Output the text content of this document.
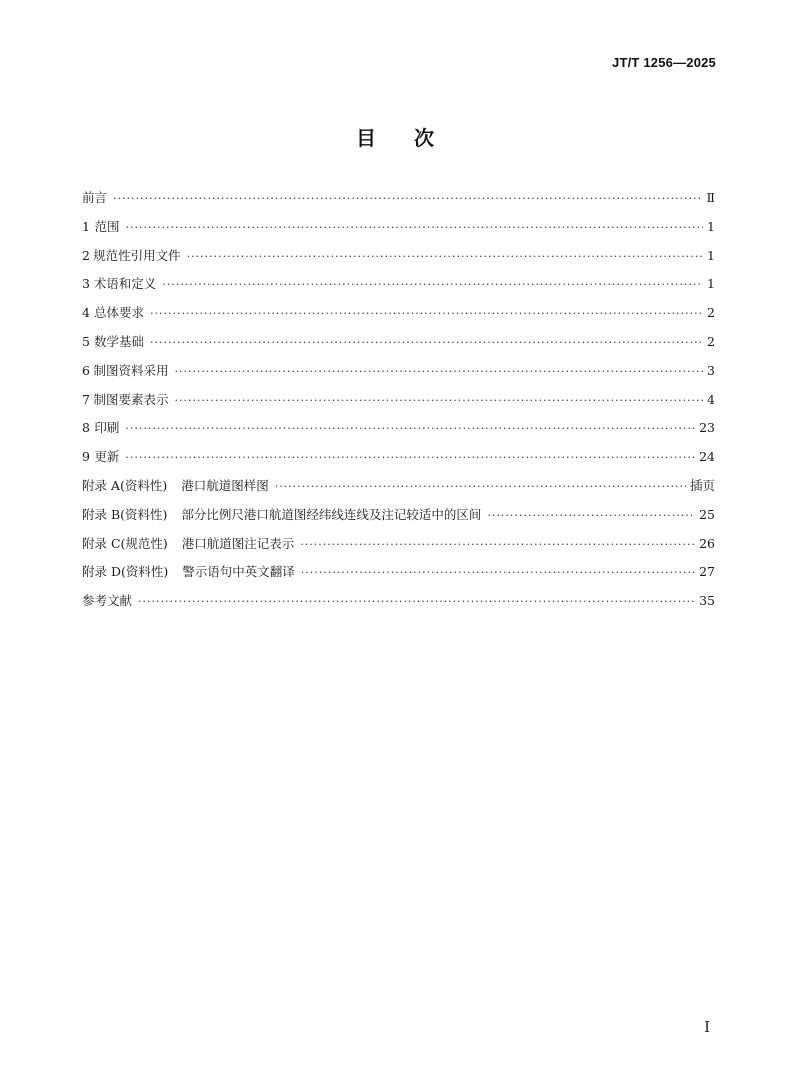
JT/T 1256—2025
目次
前言 ·····	Ⅱ
1 范围 ·····	1
2 规范性引用文件 ·····	1
3 术语和定义 ·····	1
4 总体要求 ·····	2
5 数学基础 ·····	2
6 制图资料采用 ·····	3
7 制图要素表示 ·····	4
8 印刷 ·····	23
9 更新 ·····	24
附录 A(资料性) 港口航道图样图 ·····	插页
附录 B(资料性) 部分比例尺港口航道图经纬线连线及注记较适中的区间 ·····	25
附录 C(规范性) 港口航道图注记表示 ·····	26
附录 D(资料性) 警示语句中英文翻译 ·····	27
参考文献 ·····	35
I
